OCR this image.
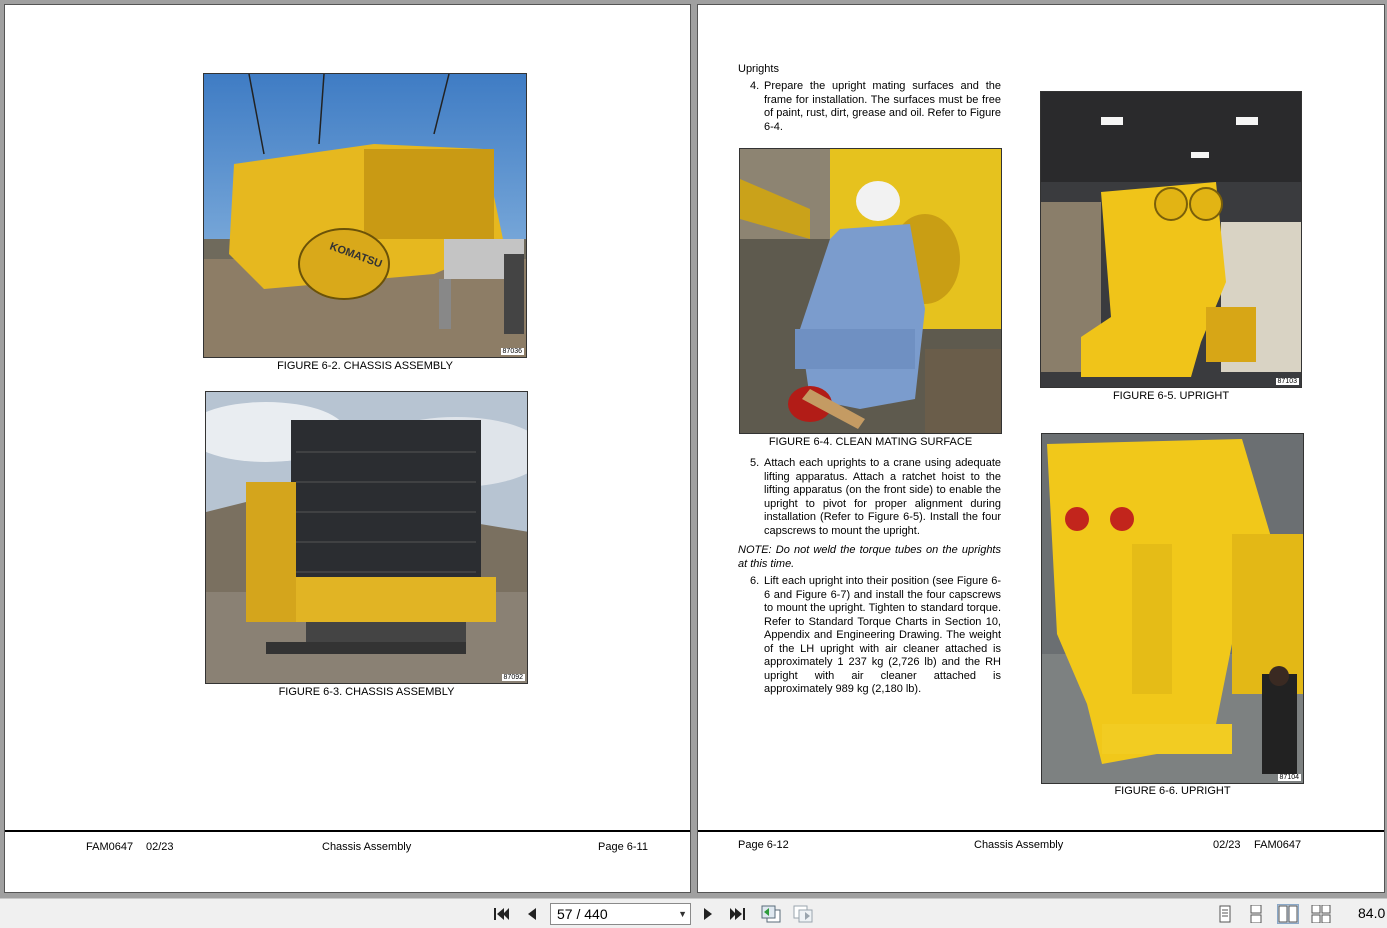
KOMATSU
87036
FIGURE 6-2. CHASSIS ASSEMBLY
87092
FIGURE 6-3. CHASSIS ASSEMBLY
FAM0647 02/23	Chassis Assembly	Page 6-11
Uprights
4. Prepare the upright mating surfaces and the frame for installation. The surfaces must be free of paint, rust, dirt, grease and oil. Refer to Figure 6-4.
FIGURE 6-4. CLEAN MATING SURFACE
5. Attach each uprights to a crane using adequate lifting apparatus. Attach a ratchet hoist to the lifting apparatus (on the front side) to enable the upright to pivot for proper alignment during installation (Refer to Figure 6-5). Install the four capscrews to mount the upright.
NOTE: Do not weld the torque tubes on the uprights at this time.
6. Lift each upright into their position (see Figure 6-6 and Figure 6-7) and install the four capscrews to mount the upright. Tighten to standard torque. Refer to Standard Torque Charts in Section 10, Appendix and Engineering Drawing. The weight of the LH upright with air cleaner attached is approximately 1 237 kg (2,726 lb) and the RH upright with air cleaner attached is approximately 989 kg (2,180 lb).
87103
FIGURE 6-5. UPRIGHT
87104
FIGURE 6-6. UPRIGHT
Page 6-12	Chassis Assembly	02/23 FAM0647
57 / 440	▼	84.0
